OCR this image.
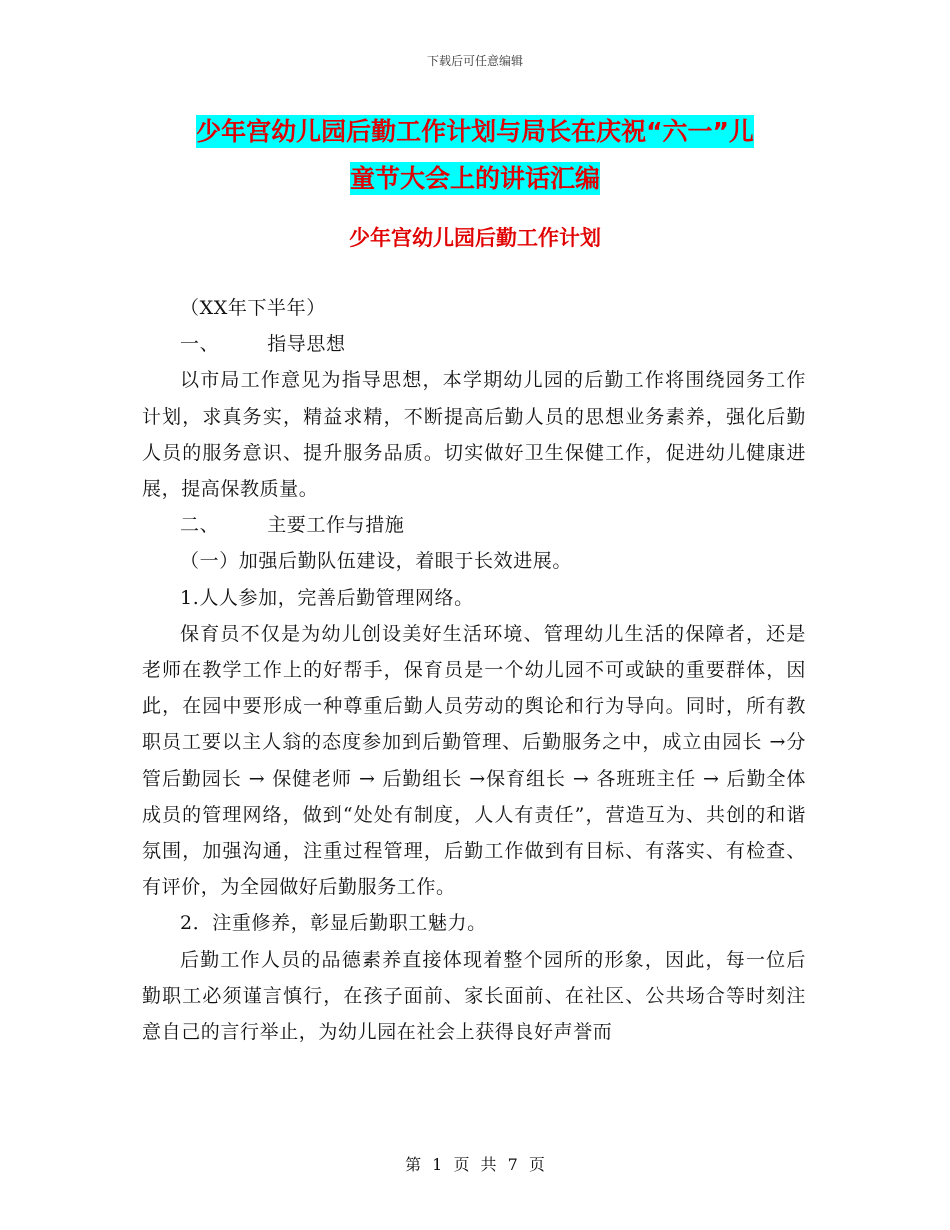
下载后可任意编辑
少年宫幼儿园后勤工作计划与局长在庆祝“六一”儿
童节大会上的讲话汇编
少年宫幼儿园后勤工作计划

（XX年下半年）

一、	指导思想

以市局工作意见为指导思想，本学期幼儿园的后勤工作将围绕园务工作计划，求真务实，精益求精，不断提高后勤人员的思想业务素养，强化后勤人员的服务意识、提升服务品质。切实做好卫生保健工作，促进幼儿健康进展，提高保教质量。

二、	主要工作与措施

（一）加强后勤队伍建设，着眼于长效进展。

1.人人参加，完善后勤管理网络。

保育员不仅是为幼儿创设美好生活环境、管理幼儿生活的保障者，还是老师在教学工作上的好帮手，保育员是一个幼儿园不可或缺的重要群体，因此，在园中要形成一种尊重后勤人员劳动的舆论和行为导向。同时，所有教职员工要以主人翁的态度参加到后勤管理、后勤服务之中，成立由园长 →分管后勤园长 → 保健老师 → 后勤组长 →保育组长 → 各班班主任 → 后勤全体成员的管理网络，做到“处处有制度，人人有责任”，营造互为、共创的和谐氛围，加强沟通，注重过程管理，后勤工作做到有目标、有落实、有检查、有评价，为全园做好后勤服务工作。

2．注重修养，彰显后勤职工魅力。

后勤工作人员的品德素养直接体现着整个园所的形象，因此，每一位后勤职工必须谨言慎行，在孩子面前、家长面前、在社区、公共场合等时刻注意自己的言行举止，为幼儿园在社会上获得良好声誉而

第 1 页 共 7 页
